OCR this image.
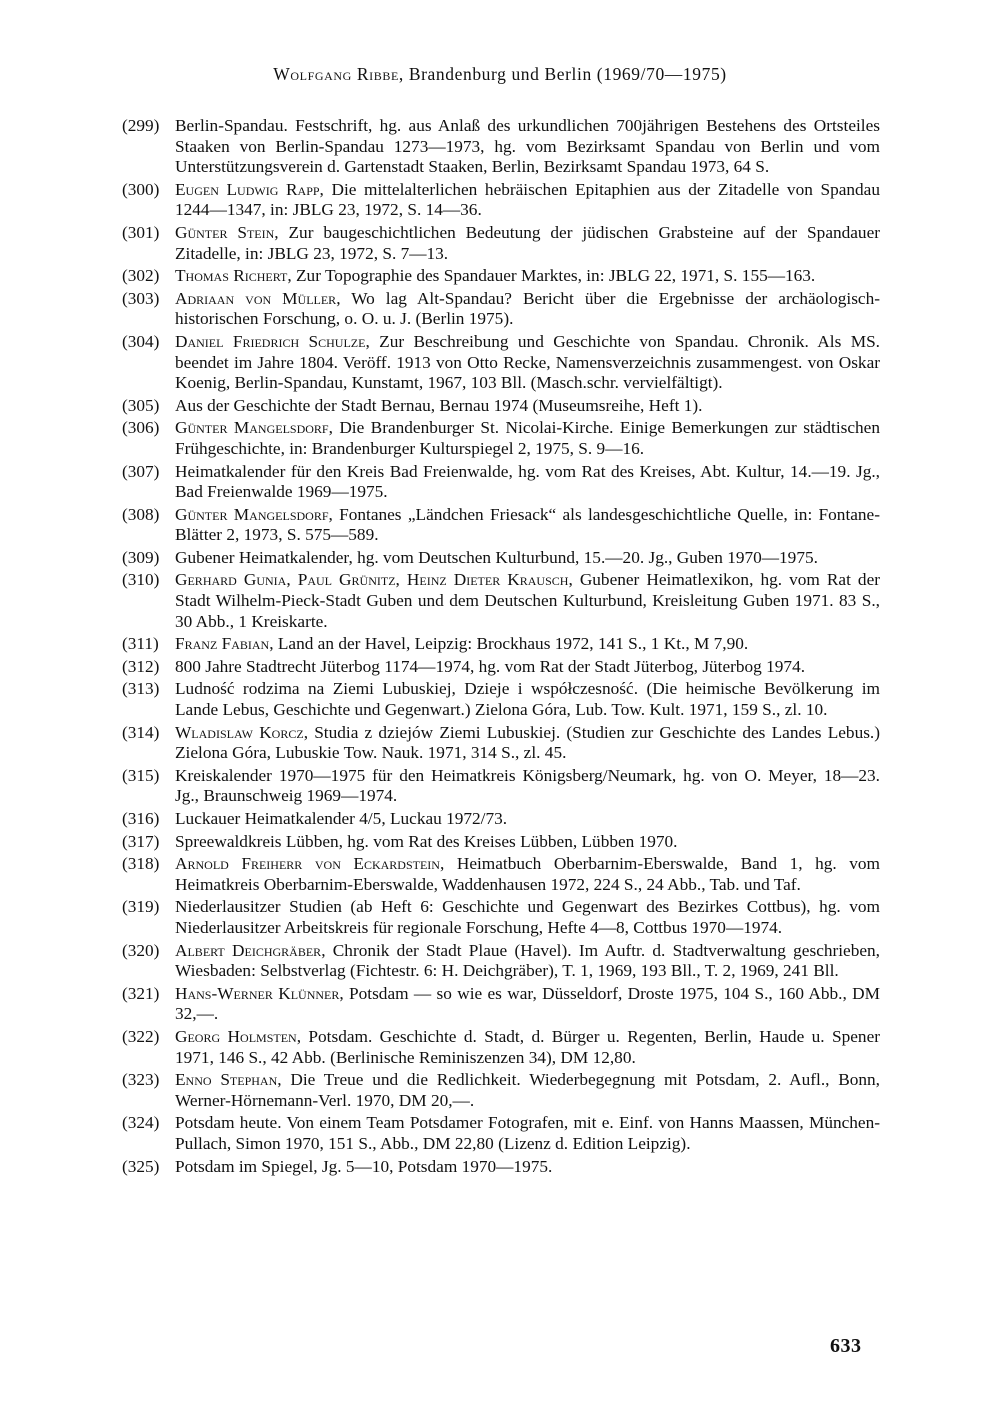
Wolfgang Ribbe, Brandenburg und Berlin (1969/70—1975)
(299) Berlin-Spandau. Festschrift, hg. aus Anlaß des urkundlichen 700jährigen Bestehens des Ortsteiles Staaken von Berlin-Spandau 1273—1973, hg. vom Bezirksamt Spandau von Berlin und vom Unterstützungsverein d. Gartenstadt Staaken, Berlin, Bezirksamt Spandau 1973, 64 S.
(300) Eugen Ludwig Rapp, Die mittelalterlichen hebräischen Epitaphien aus der Zitadelle von Spandau 1244—1347, in: JBLG 23, 1972, S. 14—36.
(301) Günter Stein, Zur baugeschichtlichen Bedeutung der jüdischen Grabsteine auf der Spandauer Zitadelle, in: JBLG 23, 1972, S. 7—13.
(302) Thomas Richert, Zur Topographie des Spandauer Marktes, in: JBLG 22, 1971, S. 155—163.
(303) Adriaan von Müller, Wo lag Alt-Spandau? Bericht über die Ergebnisse der archäologisch-historischen Forschung, o. O. u. J. (Berlin 1975).
(304) Daniel Friedrich Schulze, Zur Beschreibung und Geschichte von Spandau. Chronik. Als MS. beendet im Jahre 1804. Veröff. 1913 von Otto Recke, Namensverzeichnis zusammengest. von Oskar Koenig, Berlin-Spandau, Kunstamt, 1967, 103 Bll. (Masch.schr. vervielfältigt).
(305) Aus der Geschichte der Stadt Bernau, Bernau 1974 (Museumsreihe, Heft 1).
(306) Günter Mangelsdorf, Die Brandenburger St. Nicolai-Kirche. Einige Bemerkungen zur städtischen Frühgeschichte, in: Brandenburger Kulturspiegel 2, 1975, S. 9—16.
(307) Heimatkalender für den Kreis Bad Freienwalde, hg. vom Rat des Kreises, Abt. Kultur, 14.—19. Jg., Bad Freienwalde 1969—1975.
(308) Günter Mangelsdorf, Fontanes „Ländchen Friesack“ als landesgeschichtliche Quelle, in: Fontane-Blätter 2, 1973, S. 575—589.
(309) Gubener Heimatkalender, hg. vom Deutschen Kulturbund, 15.—20. Jg., Guben 1970—1975.
(310) Gerhard Gunia, Paul Grünitz, Heinz Dieter Krausch, Gubener Heimatlexikon, hg. vom Rat der Stadt Wilhelm-Pieck-Stadt Guben und dem Deutschen Kulturbund, Kreisleitung Guben 1971. 83 S., 30 Abb., 1 Kreiskarte.
(311) Franz Fabian, Land an der Havel, Leipzig: Brockhaus 1972, 141 S., 1 Kt., M 7,90.
(312) 800 Jahre Stadtrecht Jüterbog 1174—1974, hg. vom Rat der Stadt Jüterbog, Jüterbog 1974.
(313) Ludność rodzima na Ziemi Lubuskiej, Dzieje i współczesność. (Die heimische Bevölkerung im Lande Lebus, Geschichte und Gegenwart.) Zielona Góra, Lub. Tow. Kult. 1971, 159 S., zl. 10.
(314) Wladislaw Korcz, Studia z dziejów Ziemi Lubuskiej. (Studien zur Geschichte des Landes Lebus.) Zielona Góra, Lubuskie Tow. Nauk. 1971, 314 S., zl. 45.
(315) Kreiskalender 1970—1975 für den Heimatkreis Königsberg/Neumark, hg. von O. Meyer, 18—23. Jg., Braunschweig 1969—1974.
(316) Luckauer Heimatkalender 4/5, Luckau 1972/73.
(317) Spreewaldkreis Lübben, hg. vom Rat des Kreises Lübben, Lübben 1970.
(318) Arnold Freiherr von Eckardstein, Heimatbuch Oberbarnim-Eberswalde, Band 1, hg. vom Heimatkreis Oberbarnim-Eberswalde, Waddenhausen 1972, 224 S., 24 Abb., Tab. und Taf.
(319) Niederlausitzer Studien (ab Heft 6: Geschichte und Gegenwart des Bezirkes Cottbus), hg. vom Niederlausitzer Arbeitskreis für regionale Forschung, Hefte 4—8, Cottbus 1970—1974.
(320) Albert Deichgräber, Chronik der Stadt Plaue (Havel). Im Auftr. d. Stadtverwaltung geschrieben, Wiesbaden: Selbstverlag (Fichtestr. 6: H. Deichgräber), T. 1, 1969, 193 Bll., T. 2, 1969, 241 Bll.
(321) Hans-Werner Klünner, Potsdam — so wie es war, Düsseldorf, Droste 1975, 104 S., 160 Abb., DM 32,—.
(322) Georg Holmsten, Potsdam. Geschichte d. Stadt, d. Bürger u. Regenten, Berlin, Haude u. Spener 1971, 146 S., 42 Abb. (Berlinische Reminiszenzen 34), DM 12,80.
(323) Enno Stephan, Die Treue und die Redlichkeit. Wiederbegegnung mit Potsdam, 2. Aufl., Bonn, Werner-Hörnemann-Verl. 1970, DM 20,—.
(324) Potsdam heute. Von einem Team Potsdamer Fotografen, mit e. Einf. von Hanns Maassen, München-Pullach, Simon 1970, 151 S., Abb., DM 22,80 (Lizenz d. Edition Leipzig).
(325) Potsdam im Spiegel, Jg. 5—10, Potsdam 1970—1975.
633
